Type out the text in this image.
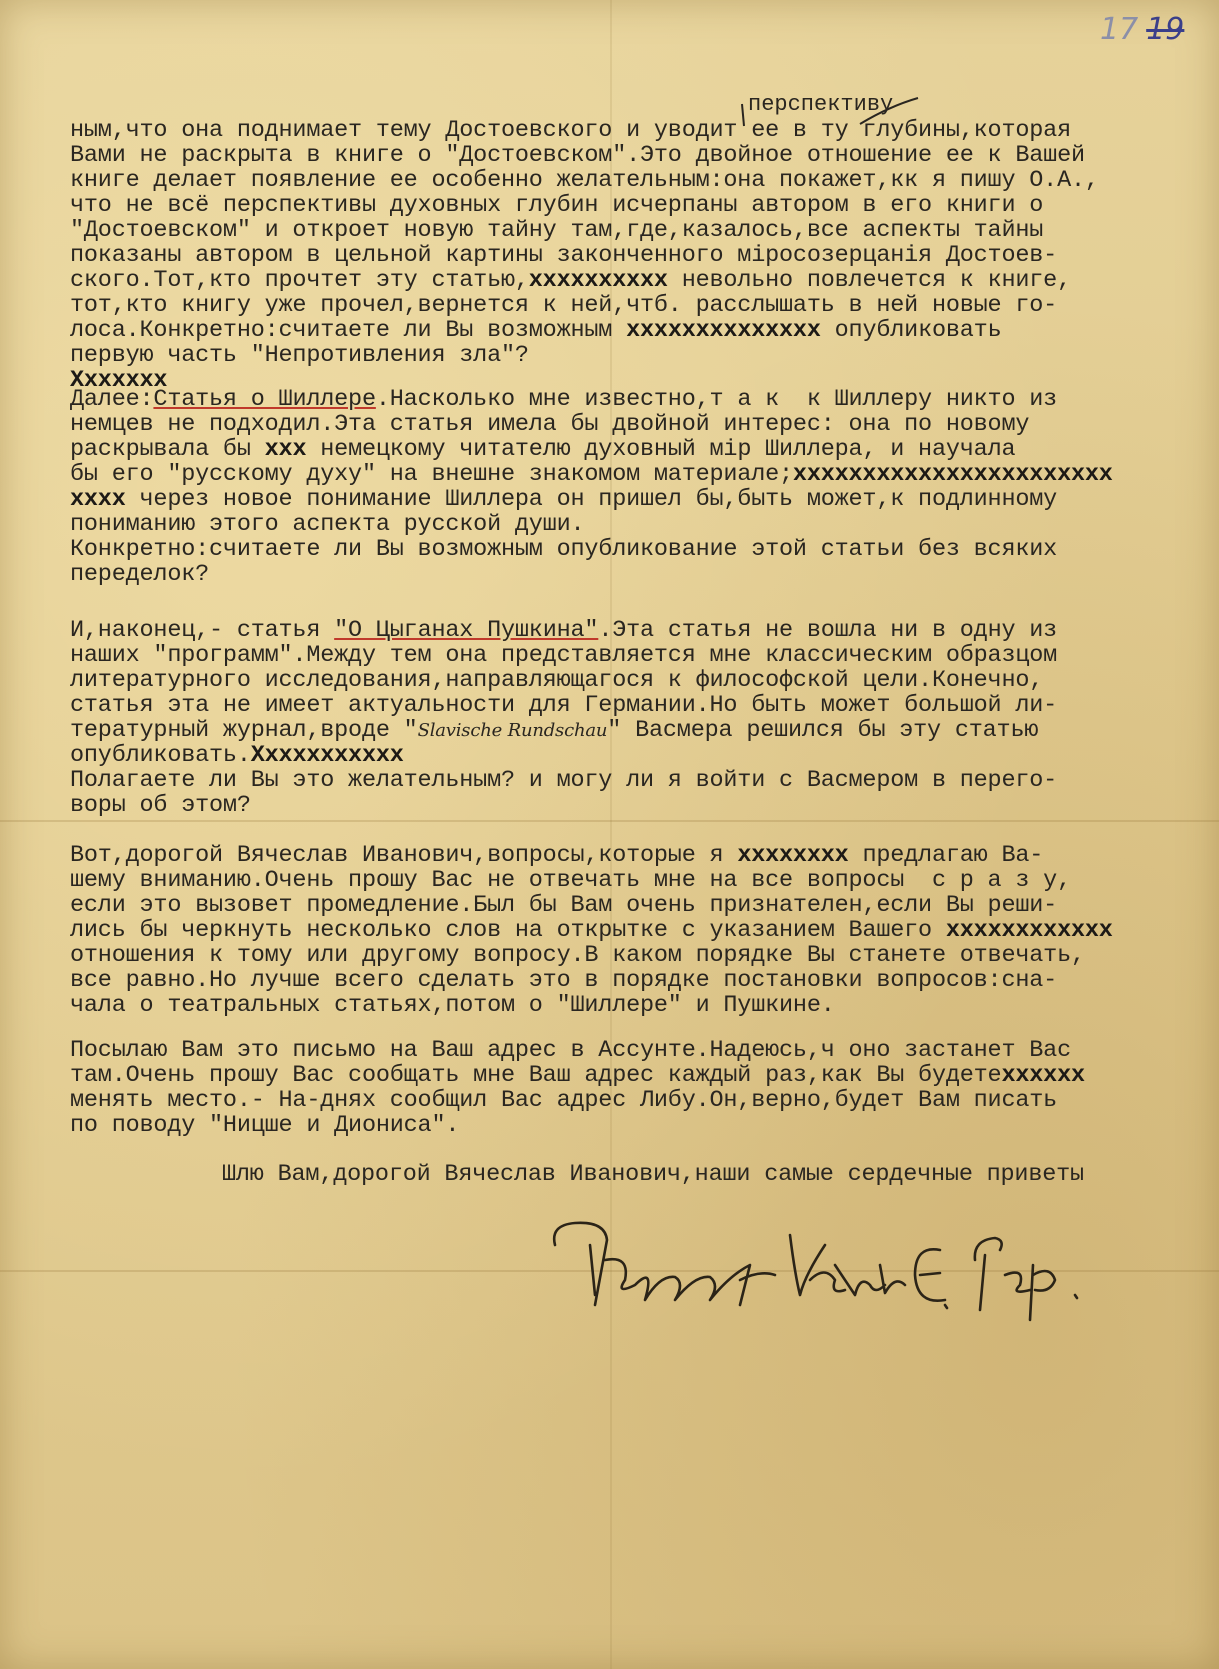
17 19
перспективу
ным,что она поднимает тему Достоевского и уводит ее в ту глубины,которая
Вами не раскрыта в книге о "Достоевском".Это двойное отношение ее к Вашей
книге делает появление ее особенно желательным:она покажет,кк я пишу О.А.,
что не всё перспективы духовных глубин исчерпаны автором в его книги о
"Достоевском" и откроет новую тайну там,где,казалось,все аспекты тайны
показаны автором в цельной картины законченного міросозерцанія Достоев-
ского.Тот,кто прочтет эту статью,xxxxxxxxxx невольно повлечется к книге,
тот,кто книгу уже прочел,вернется к ней,чтб. расслышать в ней новые го-
лоса.Конкретно:считаете ли Вы возможным xxxxxxxxxxxxxx опубликовать
первую часть "Непротивления зла"?
Xxxxxxx
Далее:Статья о Шиллере.Насколько мне известно,т а к  к Шиллеру никто из
немцев не подходил.Эта статья имела бы двойной интерес: она по новому
раскрывала бы xxx немецкому читателю духовный мір Шиллера, и научала
бы его "русскому духу" на внешне знакомом материале;xxxxxxxxxxxxxxxxxxxxxxx
xxxx через новое понимание Шиллера он пришел бы,быть может,к подлинному
пониманию этого аспекта русской души.
Конкретно:считаете ли Вы возможным опубликование этой статьи без всяких
переделок?
И,наконец,- статья "О Цыганах Пушкина".Эта статья не вошла ни в одну из
наших "программ".Между тем она представляется мне классическим образцом
литературного исследования,направляющагося к философской цели.Конечно,
статья эта не имеет актуальности для Германии.Но быть может большой ли-
тературный журнал,вроде "Slavische Rundschau" Васмера решился бы эту статью
опубликовать.Xxxxxxxxxxx
Полагаете ли Вы это желательным? и могу ли я войти с Васмером в перего-
воры об этом?
Вот,дорогой Вячеслав Иванович,вопросы,которые я xxxxxxxx предлагаю Ва-
шему вниманию.Очень прошу Вас не отвечать мне на все вопросы  с р а з у,
если это вызовет промедление.Был бы Вам очень признателен,если Вы реши-
лись бы черкнуть несколько слов на открытке с указанием Вашего xxxxxxxxxxxx
отношения к тому или другому вопросу.В каком порядке Вы станете отвечать,
все равно.Но лучше всего сделать это в порядке постановки вопросов:сна-
чала о театральных статьях,потом о "Шиллере" и Пушкине.
Посылаю Вам это письмо на Ваш адрес в Ассунте.Надеюсь,ч оно застанет Вас
там.Очень прошу Вас сообщать мне Ваш адрес каждый раз,как Вы будетеxxxxxx
менять место.- На-днях сообщил Вас адрес Либу.Он,верно,будет Вам писать
по поводу "Ницше и Диониса".
Шлю Вам,дорогой Вячеслав Иванович,наши самые сердечные приветы
Преданный Вам Е. Гер.
